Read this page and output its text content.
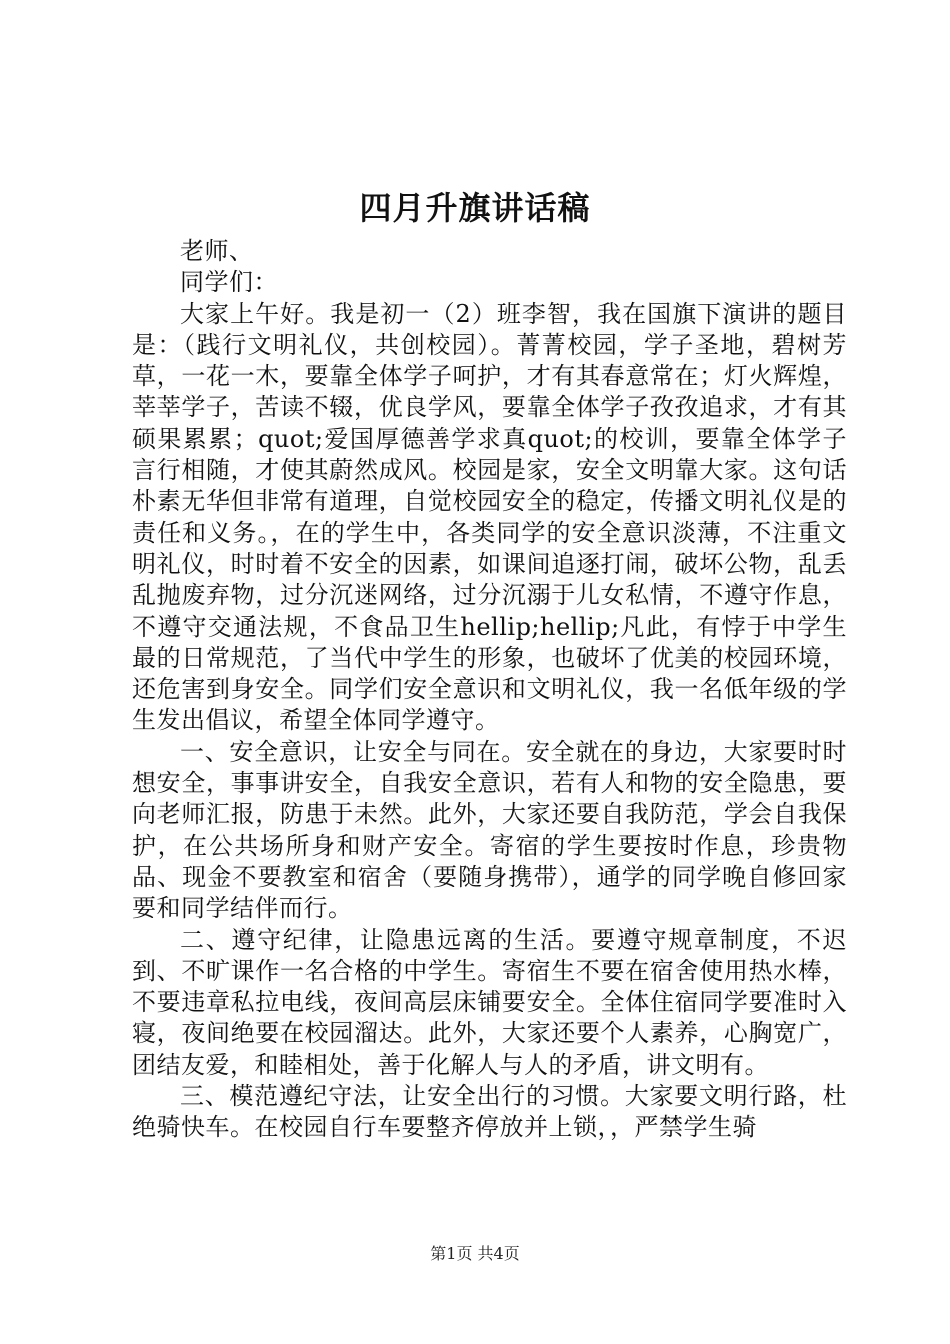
四月升旗讲话稿

老师、

同学们：

大家上午好。我是初一（2）班李智，我在国旗下演讲的题目是：（践行文明礼仪，共创校园）。菁菁校园，学子圣地，碧树芳草，一花一木，要靠全体学子呵护，才有其春意常在；灯火辉煌，莘莘学子，苦读不辍，优良学风，要靠全体学子孜孜追求，才有其硕果累累；quot;爱国厚德善学求真quot;的校训，要靠全体学子言行相随，才使其蔚然成风。校园是家，安全文明靠大家。这句话朴素无华但非常有道理，自觉校园安全的稳定，传播文明礼仪是的责任和义务。，在的学生中，各类同学的安全意识淡薄，不注重文明礼仪，时时着不安全的因素，如课间追逐打闹，破坏公物，乱丢乱抛废弃物，过分沉迷网络，过分沉溺于儿女私情，不遵守作息，不遵守交通法规，不食品卫生hellip;hellip;凡此，有悖于中学生最的日常规范，了当代中学生的形象，也破坏了优美的校园环境，还危害到身安全。同学们安全意识和文明礼仪，我一名低年级的学生发出倡议，希望全体同学遵守。

一、安全意识，让安全与同在。安全就在的身边，大家要时时想安全，事事讲安全，自我安全意识，若有人和物的安全隐患，要向老师汇报，防患于未然。此外，大家还要自我防范，学会自我保护，在公共场所身和财产安全。寄宿的学生要按时作息，珍贵物品、现金不要教室和宿舍（要随身携带），通学的同学晚自修回家要和同学结伴而行。

二、遵守纪律，让隐患远离的生活。要遵守规章制度，不迟到、不旷课作一名合格的中学生。寄宿生不要在宿舍使用热水棒，不要违章私拉电线，夜间高层床铺要安全。全体住宿同学要准时入寝，夜间绝要在校园溜达。此外，大家还要个人素养，心胸宽广，团结友爱，和睦相处，善于化解人与人的矛盾，讲文明有。

三、模范遵纪守法，让安全出行的习惯。大家要文明行路，杜绝骑快车。在校园自行车要整齐停放并上锁，，严禁学生骑

第1页 共4页
